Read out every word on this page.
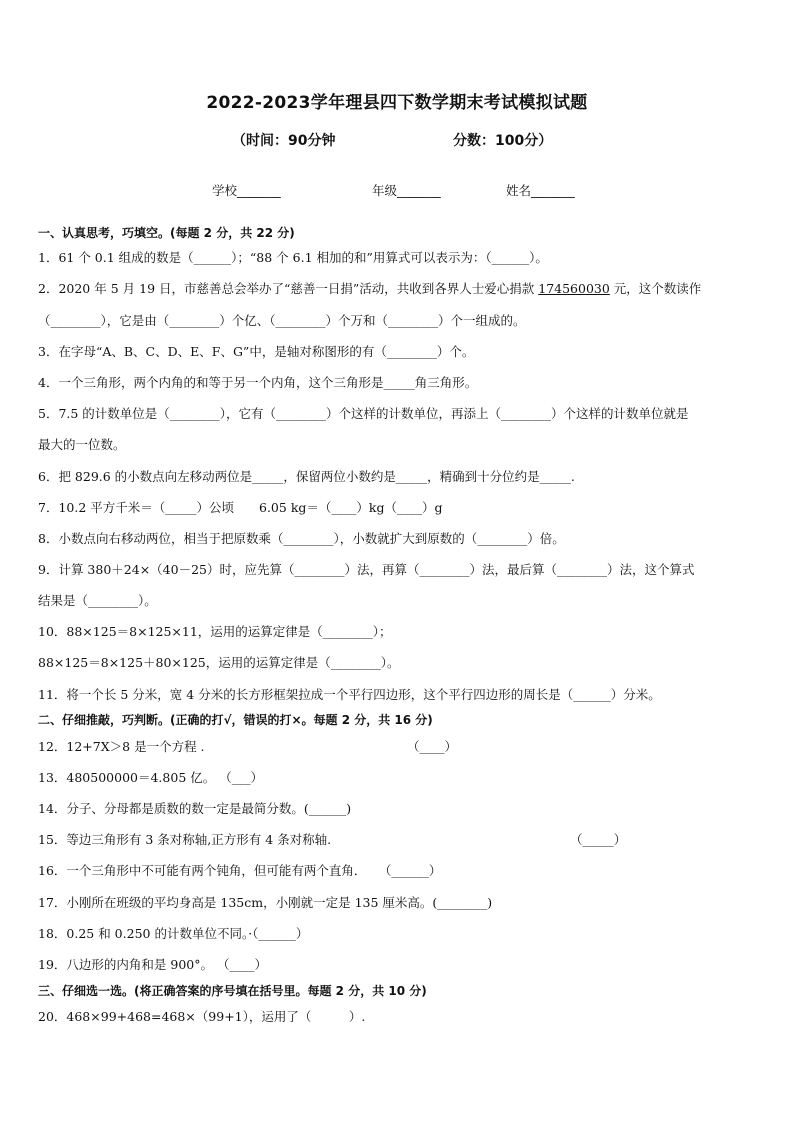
2022-2023学年理县四下数学期末考试模拟试题
（时间：90分钟	分数：100分）
学校_______	年级_______	姓名_______
一、认真思考，巧填空。(每题 2 分，共 22 分)
1．61 个 0.1 组成的数是（______）；“88 个 6.1 相加的和”用算式可以表示为：（______）。
2．2020 年 5 月 19 日，市慈善总会举办了“慈善一日捐”活动，共收到各界人士爱心捐款 174560030 元，这个数读作
（________），它是由（________）个亿、（________）个万和（________）个一组成的。
3．在字母“A、B、C、D、E、F、G”中，是轴对称图形的有（________）个。
4．一个三角形，两个内角的和等于另一个内角，这个三角形是_____角三角形。
5．7.5 的计数单位是（________），它有（________）个这样的计数单位，再添上（________）个这样的计数单位就是
最大的一位数。
6．把 829.6 的小数点向左移动两位是_____，保留两位小数约是_____，精确到十分位约是_____.
7．10.2 平方千米＝（_____）公顷　　6.05 kg＝（____）kg（____）g
8．小数点向右移动两位，相当于把原数乘（________），小数就扩大到原数的（________）倍。
9．计算 380＋24×（40－25）时，应先算（________）法，再算（________）法，最后算（________）法，这个算式
结果是（________）。
10．88×125＝8×125×11，运用的运算定律是（________）；
88×125＝8×125＋80×125，运用的运算定律是（________）。
11．将一个长 5 分米，宽 4 分米的长方形框架拉成一个平行四边形，这个平行四边形的周长是（______）分米。
二、仔细推敲，巧判断。(正确的打√，错误的打×。每题 2 分，共 16 分)
12．12+7X＞8 是一个方程 .	（____）
13．480500000＝4.805 亿。 （___）
14．分子、分母都是质数的数一定是最简分数。(______)
15．等边三角形有 3 条对称轴,正方形有 4 条对称轴.	（_____）
16．一个三角形中不可能有两个钝角，但可能有两个直角．　　（______）
17．小刚所在班级的平均身高是 135cm，小刚就一定是 135 厘米高。(________)
18．0.25 和 0.250 的计数单位不同。·（______）
19．八边形的内角和是 900°。 （____）
三、仔细选一选。(将正确答案的序号填在括号里。每题 2 分，共 10 分)
20．468×99+468=468×（99+1），运用了（　　　）.
